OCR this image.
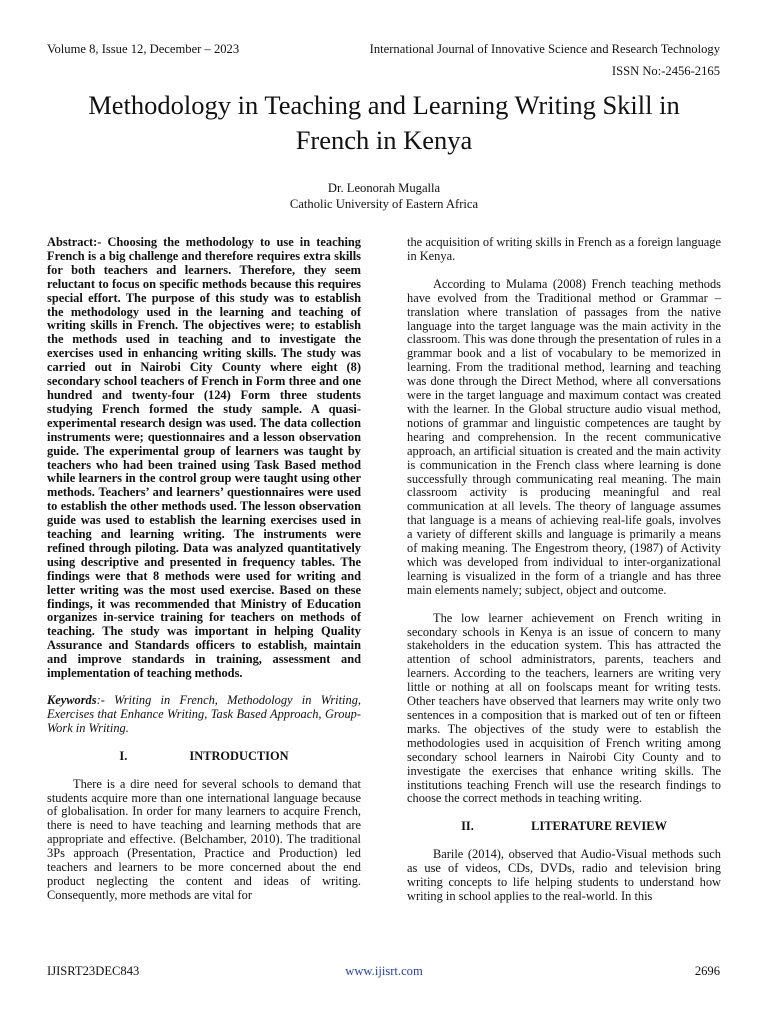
Volume 8, Issue 12, December – 2023	International Journal of Innovative Science and Research Technology
ISSN No:-2456-2165
Methodology in Teaching and Learning Writing Skill in French in Kenya
Dr. Leonorah Mugalla
Catholic University of Eastern Africa

Abstract:- Choosing the methodology to use in teaching French is a big challenge and therefore requires extra skills for both teachers and learners. Therefore, they seem reluctant to focus on specific methods because this requires special effort. The purpose of this study was to establish the methodology used in the learning and teaching of writing skills in French. The objectives were; to establish the methods used in teaching and to investigate the exercises used in enhancing writing skills. The study was carried out in Nairobi City County where eight (8) secondary school teachers of French in Form three and one hundred and twenty-four (124) Form three students studying French formed the study sample. A quasi-experimental research design was used. The data collection instruments were; questionnaires and a lesson observation guide. The experimental group of learners was taught by teachers who had been trained using Task Based method while learners in the control group were taught using other methods. Teachers’ and learners’ questionnaires were used to establish the other methods used. The lesson observation guide was used to establish the learning exercises used in teaching and learning writing. The instruments were refined through piloting. Data was analyzed quantitatively using descriptive and presented in frequency tables. The findings were that 8 methods were used for writing and letter writing was the most used exercise. Based on these findings, it was recommended that Ministry of Education organizes in-service training for teachers on methods of teaching. The study was important in helping Quality Assurance and Standards officers to establish, maintain and improve standards in training, assessment and implementation of teaching methods.

Keywords:- Writing in French, Methodology in Writing, Exercises that Enhance Writing, Task Based Approach, Group-Work in Writing.

I.	INTRODUCTION

There is a dire need for several schools to demand that students acquire more than one international language because of globalisation. In order for many learners to acquire French, there is need to have teaching and learning methods that are appropriate and effective. (Belchamber, 2010). The traditional 3Ps approach (Presentation, Practice and Production) led teachers and learners to be more concerned about the end product neglecting the content and ideas of writing. Consequently, more methods are vital for

the acquisition of writing skills in French as a foreign language in Kenya.

According to Mulama (2008) French teaching methods have evolved from the Traditional method or Grammar – translation where translation of passages from the native language into the target language was the main activity in the classroom. This was done through the presentation of rules in a grammar book and a list of vocabulary to be memorized in learning. From the traditional method, learning and teaching was done through the Direct Method, where all conversations were in the target language and maximum contact was created with the learner. In the Global structure audio visual method, notions of grammar and linguistic competences are taught by hearing and comprehension. In the recent communicative approach, an artificial situation is created and the main activity is communication in the French class where learning is done successfully through communicating real meaning. The main classroom activity is producing meaningful and real communication at all levels. The theory of language assumes that language is a means of achieving real-life goals, involves a variety of different skills and language is primarily a means of making meaning. The Engestrom theory, (1987) of Activity which was developed from individual to inter-organizational learning is visualized in the form of a triangle and has three main elements namely; subject, object and outcome.

The low learner achievement on French writing in secondary schools in Kenya is an issue of concern to many stakeholders in the education system. This has attracted the attention of school administrators, parents, teachers and learners. According to the teachers, learners are writing very little or nothing at all on foolscaps meant for writing tests. Other teachers have observed that learners may write only two sentences in a composition that is marked out of ten or fifteen marks. The objectives of the study were to establish the methodologies used in acquisition of French writing among secondary school learners in Nairobi City County and to investigate the exercises that enhance writing skills. The institutions teaching French will use the research findings to choose the correct methods in teaching writing.

II.	LITERATURE REVIEW

Barile (2014), observed that Audio-Visual methods such as use of videos, CDs, DVDs, radio and television bring writing concepts to life helping students to understand how writing in school applies to the real-world. In this

IJISRT23DEC843	www.ijisrt.com	2696
